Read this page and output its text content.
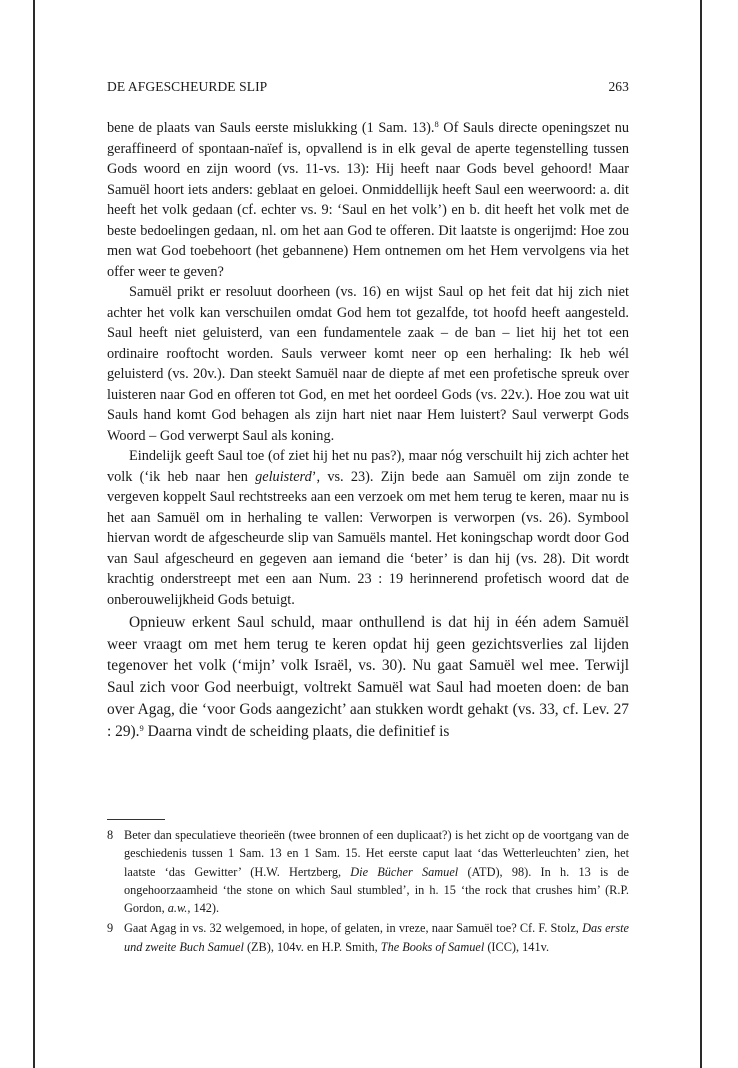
DE AFGESCHEURDE SLIP	263

bene de plaats van Sauls eerste mislukking (1 Sam. 13).$^8$ Of Sauls directe openingszet nu geraffineerd of spontaan-naïef is, opvallend is in elk geval de aperte tegenstelling tussen Gods woord en zijn woord (vs. 11-vs. 13): Hij heeft naar Gods bevel gehoord! Maar Samuël hoort iets anders: geblaat en geloei. Onmiddellijk heeft Saul een weerwoord: a. dit heeft het volk gedaan (cf. echter vs. 9: ‘Saul en het volk’) en b. dit heeft het volk met de beste bedoelingen gedaan, nl. om het aan God te offeren. Dit laatste is ongerijmd: Hoe zou men wat God toebehoort (het gebannene) Hem ontnemen om het Hem vervolgens via het offer weer te geven?

Samuël prikt er resoluut doorheen (vs. 16) en wijst Saul op het feit dat hij zich niet achter het volk kan verschuilen omdat God hem tot gezalfde, tot hoofd heeft aangesteld. Saul heeft niet geluisterd, van een fundamentele zaak – de ban – liet hij het tot een ordinaire rooftocht worden. Sauls verweer komt neer op een herhaling: Ik heb wél geluisterd (vs. 20v.). Dan steekt Samuël naar de diepte af met een profetische spreuk over luisteren naar God en offeren tot God, en met het oordeel Gods (vs. 22v.). Hoe zou wat uit Sauls hand komt God behagen als zijn hart niet naar Hem luistert? Saul verwerpt Gods Woord – God verwerpt Saul als koning.

Eindelijk geeft Saul toe (of ziet hij het nu pas?), maar nóg verschuilt hij zich achter het volk (‘ik heb naar hen geluisterd’, vs. 23). Zijn bede aan Samuël om zijn zonde te vergeven koppelt Saul rechtstreeks aan een verzoek om met hem terug te keren, maar nu is het aan Samuël om in herhaling te vallen: Verworpen is verworpen (vs. 26). Symbool hiervan wordt de afgescheurde slip van Samuëls mantel. Het koningschap wordt door God van Saul afgescheurd en gegeven aan iemand die ‘beter’ is dan hij (vs. 28). Dit wordt krachtig onderstreept met een aan Num. 23 : 19 herinnerend profetisch woord dat de onberouwelijkheid Gods betuigt.

Opnieuw erkent Saul schuld, maar onthullend is dat hij in één adem Samuël weer vraagt om met hem terug te keren opdat hij geen gezichtsverlies zal lijden tegenover het volk (‘mijn’ volk Israël, vs. 30). Nu gaat Samuël wel mee. Terwijl Saul zich voor God neerbuigt, voltrekt Samuël wat Saul had moeten doen: de ban over Agag, die ‘voor Gods aangezicht’ aan stukken wordt gehakt (vs. 33, cf. Lev. 27 : 29).$^9$ Daarna vindt de scheiding plaats, die definitief is

8 Beter dan speculatieve theorieën (twee bronnen of een duplicaat?) is het zicht op de voortgang van de geschiedenis tussen 1 Sam. 13 en 1 Sam. 15. Het eerste caput laat ‘das Wetterleuchten’ zien, het laatste ‘das Gewitter’ (H.W. Hertzberg, Die Bücher Samuel (ATD), 98). In h. 13 is de ongehoorzaamheid ‘the stone on which Saul stumbled’, in h. 15 ‘the rock that crushes him’ (R.P. Gordon, a.w., 142).
9 Gaat Agag in vs. 32 welgemoed, in hope, of gelaten, in vreze, naar Samuël toe? Cf. F. Stolz, Das erste und zweite Buch Samuel (ZB), 104v. en H.P. Smith, The Books of Samuel (ICC), 141v.
